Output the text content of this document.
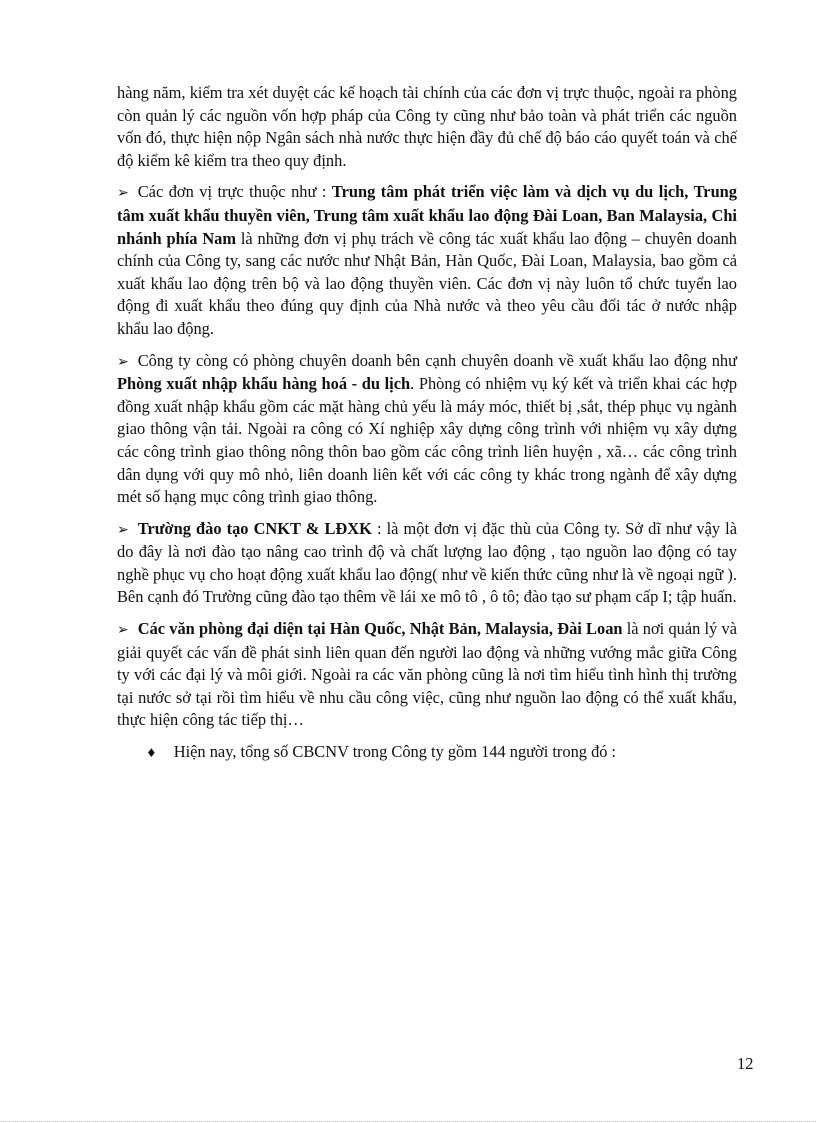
hàng năm, kiểm tra xét duyệt các kế hoạch tài chính của các đơn vị trực thuộc, ngoài ra phòng còn quản lý các nguồn vốn hợp pháp của Công ty cũng như bảo toàn và phát triển các nguồn vốn đó, thực hiện nộp Ngân sách nhà nước thực hiện đầy đủ chế độ báo cáo quyết toán và chế độ kiểm kê kiểm tra theo quy định.

➢ Các đơn vị trực thuộc như : Trung tâm phát triển việc làm và dịch vụ du lịch, Trung tâm xuất khẩu thuyền viên, Trung tâm xuất khẩu lao động Đài Loan, Ban Malaysia, Chi nhánh phía Nam là những đơn vị phụ trách về công tác xuất khẩu lao động – chuyên doanh chính của Công ty, sang các nước như Nhật Bản, Hàn Quốc, Đài Loan, Malaysia, bao gồm cả xuất khẩu lao động trên bộ và lao động thuyền viên. Các đơn vị này luôn tổ chức tuyển lao động đi xuất khẩu theo đúng quy định của Nhà nước và theo yêu cầu đối tác ở nước nhập khẩu lao động.

➢ Công ty còng có phòng chuyên doanh bên cạnh chuyên doanh về xuất khẩu lao động như Phòng xuất nhập khẩu hàng hoá - du lịch. Phòng có nhiệm vụ ký kết và triển khai các hợp đồng xuất nhập khẩu gồm các mặt hàng chủ yếu là máy móc, thiết bị ,sắt, thép phục vụ ngành giao thông vận tải. Ngoài ra công có Xí nghiệp xây dựng công trình với nhiệm vụ xây dựng các công trình giao thông nông thôn bao gồm các công trình liên huyện , xã… các công trình dân dụng với quy mô nhỏ, liên doanh liên kết với các công ty khác trong ngành để xây dựng mét số hạng mục công trình giao thông.

➢ Trường đào tạo CNKT & LĐXK : là một đơn vị đặc thù của Công ty. Sở dĩ như vậy là do đây là nơi đào tạo nâng cao trình độ và chất lượng lao động , tạo nguồn lao động có tay nghề phục vụ cho hoạt động xuất khẩu lao động( như về kiến thức cũng như là về ngoại ngữ ). Bên cạnh đó Trường cũng đào tạo thêm về lái xe mô tô , ô tô; đào tạo sư phạm cấp I; tập huấn.

➢ Các văn phòng đại diện tại Hàn Quốc, Nhật Bản, Malaysia, Đài Loan là nơi quản lý và giải quyết các vấn đề phát sinh liên quan đến người lao động và những vướng mắc giữa Công ty với các đại lý và môi giới. Ngoài ra các văn phòng cũng là nơi tìm hiểu tình hình thị trường tại nước sở tại rồi tìm hiểu về nhu cầu công việc, cũng như nguồn lao động có thể xuất khẩu, thực hiện công tác tiếp thị…

♦ Hiện nay, tổng số CBCNV trong Công ty gồm 144 người trong đó :

12
